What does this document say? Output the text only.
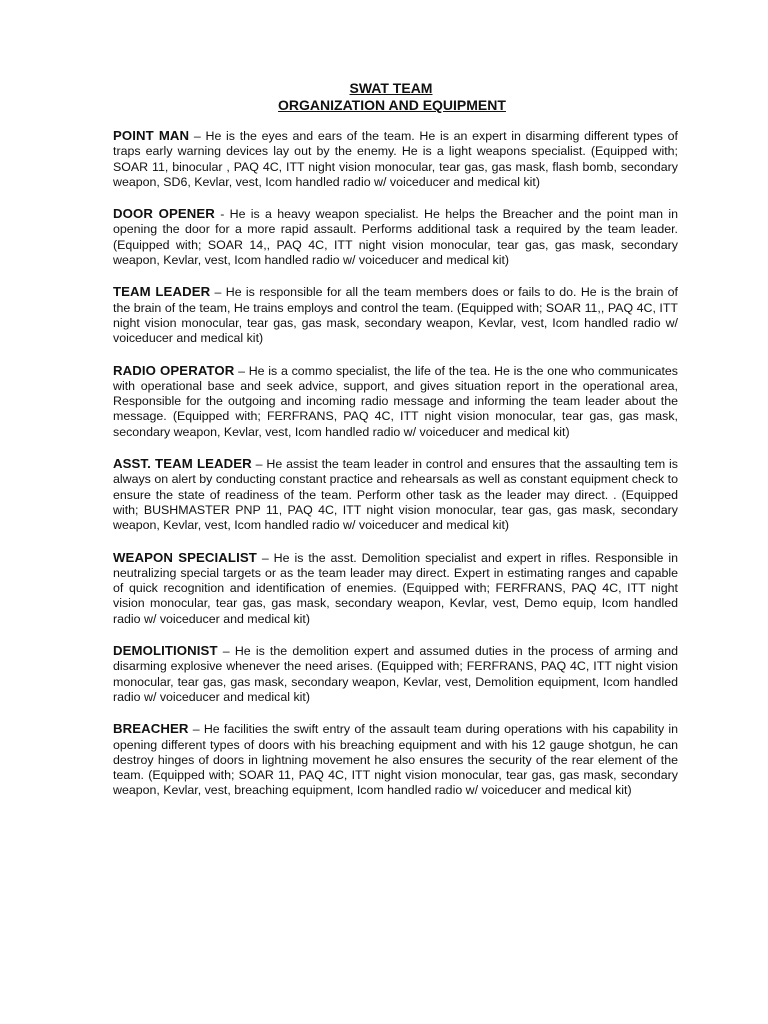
SWAT TEAM
ORGANIZATION AND EQUIPMENT

POINT MAN – He is the eyes and ears of the team. He is an expert in disarming different types of traps early warning devices lay out by the enemy. He is a light weapons specialist. (Equipped with; SOAR 11, binocular , PAQ 4C, ITT night vision monocular, tear gas, gas mask, flash bomb, secondary weapon, SD6, Kevlar, vest, Icom handled radio w/ voiceducer and medical kit)

DOOR OPENER - He is a heavy weapon specialist. He helps the Breacher and the point man in opening the door for a more rapid assault. Performs additional task a required by the team leader. (Equipped with; SOAR 14,, PAQ 4C, ITT night vision monocular, tear gas, gas mask, secondary weapon, Kevlar, vest, Icom handled radio w/ voiceducer and medical kit)

TEAM LEADER – He is responsible for all the team members does or fails to do. He is the brain of the brain of the team, He trains employs and control the team. (Equipped with; SOAR 11,, PAQ 4C, ITT night vision monocular, tear gas, gas mask, secondary weapon, Kevlar, vest, Icom handled radio w/ voiceducer and medical kit)

RADIO OPERATOR – He is a commo specialist, the life of the tea. He is the one who communicates with operational base and seek advice, support, and gives situation report in the operational area, Responsible for the outgoing and incoming radio message and informing the team leader about the message. (Equipped with; FERFRANS, PAQ 4C, ITT night vision monocular, tear gas, gas mask, secondary weapon, Kevlar, vest, Icom handled radio w/ voiceducer and medical kit)

ASST. TEAM LEADER – He assist the team leader in control and ensures that the assaulting tem is always on alert by conducting constant practice and rehearsals as well as constant equipment check to ensure the state of readiness of the team. Perform other task as the leader may direct. . (Equipped with; BUSHMASTER PNP 11, PAQ 4C, ITT night vision monocular, tear gas, gas mask, secondary weapon, Kevlar, vest, Icom handled radio w/ voiceducer and medical kit)

WEAPON SPECIALIST – He is the asst. Demolition specialist and expert in rifles. Responsible in neutralizing special targets or as the team leader may direct. Expert in estimating ranges and capable of quick recognition and identification of enemies. (Equipped with; FERFRANS, PAQ 4C, ITT night vision monocular, tear gas, gas mask, secondary weapon, Kevlar, vest, Demo equip, Icom handled radio w/ voiceducer and medical kit)

DEMOLITIONIST – He is the demolition expert and assumed duties in the process of arming and disarming explosive whenever the need arises. (Equipped with; FERFRANS, PAQ 4C, ITT night vision monocular, tear gas, gas mask, secondary weapon, Kevlar, vest, Demolition equipment, Icom handled radio w/ voiceducer and medical kit)

BREACHER – He facilities the swift entry of the assault team during operations with his capability in opening different types of doors with his breaching equipment and with his 12 gauge shotgun, he can destroy hinges of doors in lightning movement he also ensures the security of the rear element of the team. (Equipped with; SOAR 11, PAQ 4C, ITT night vision monocular, tear gas, gas mask, secondary weapon, Kevlar, vest, breaching equipment, Icom handled radio w/ voiceducer and medical kit)
